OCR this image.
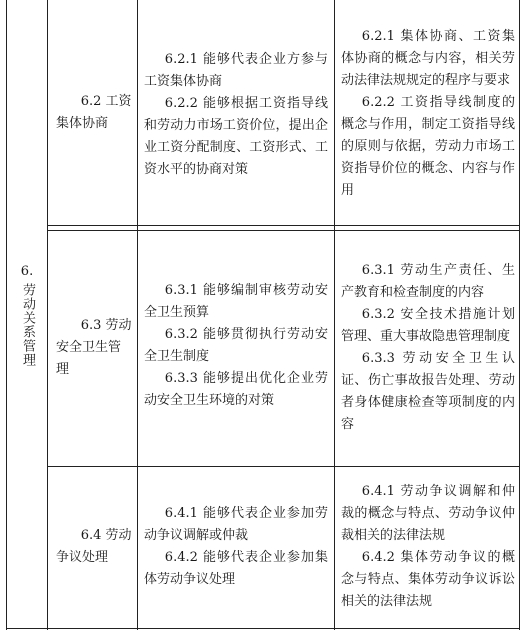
6.
劳动关系管理

6.2 工资集体协商

6.2.1 能够代表企业方参与工资集体协商
6.2.2 能够根据工资指导线和劳动力市场工资价位，提出企业工资分配制度、工资形式、工资水平的协商对策
6.2.1 集体协商、工资集体协商的概念与内容，相关劳动法律法规规定的程序与要求
6.2.2 工资指导线制度的概念与作用，制定工资指导线的原则与依据，劳动力市场工资指导价位的概念、内容与作用

6.3 劳动安全卫生管理

6.3.1 能够编制审核劳动安全卫生预算
6.3.2 能够贯彻执行劳动安全卫生制度
6.3.3 能够提出优化企业劳动安全卫生环境的对策
6.3.1 劳动生产责任、生产教育和检查制度的内容
6.3.2 安全技术措施计划管理、重大事故隐患管理制度
6.3.3 劳动安全卫生认证、伤亡事故报告处理、劳动者身体健康检查等项制度的内容

6.4 劳动争议处理

6.4.1 能够代表企业参加劳动争议调解或仲裁
6.4.2 能够代表企业参加集体劳动争议处理
6.4.1 劳动争议调解和仲裁的概念与特点、劳动争议仲裁相关的法律法规
6.4.2 集体劳动争议的概念与特点、集体劳动争议诉讼相关的法律法规
